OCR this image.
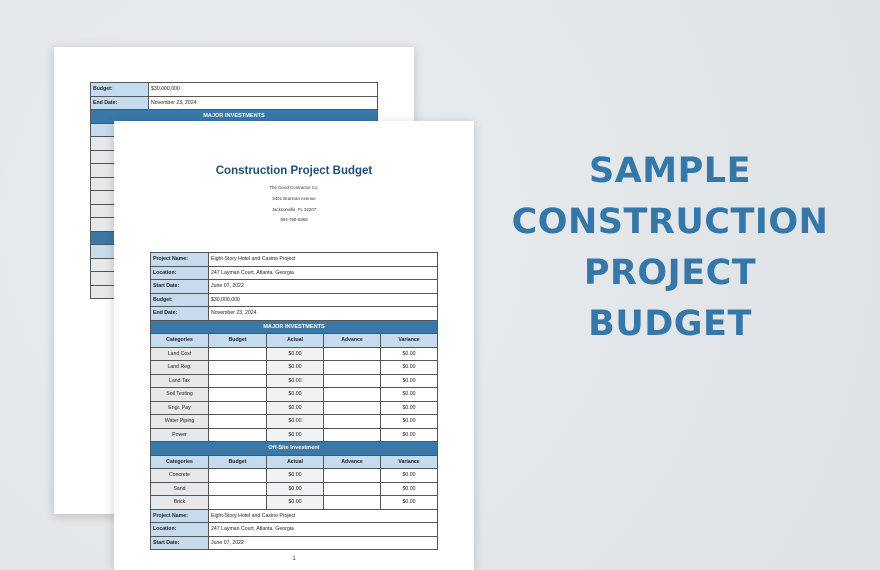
Budget:	$30,000,000			
End Date:	November 23, 2024			
MAJOR INVESTMENTS				

Construction Project Budget
The Good Contractor Co.
3401 Brannan Avenue
Jacksonville, FL 32207
904-768-6868
Project Name:	Eight-Story Hotel and Casino Project			
Location:	247 Layman Court, Atlanta, Georgia			
Start Date:	June 07, 2022			
Budget:	$30,000,000			
End Date:	November 23, 2024			
MAJOR INVESTMENTS				
Categories	Budget	Actual	Advance	Variance
Land Cost		$0.00		$0.00
Land Reg.		$0.00		$0.00
Land Tax		$0.00		$0.00
Soil Testing		$0.00		$0.00
Engr. Pay		$0.00		$0.00
Water Piping		$0.00		$0.00
Power		$0.00		$0.00
Off-Site Investment				
Categories	Budget	Actual	Advance	Variance
Concrete		$0.00		$0.00
Sand		$0.00		$0.00
Brick		$0.00		$0.00
Project Name:	Eight-Story Hotel and Casino Project			
Location:	247 Layman Court, Atlanta, Georgia			
Start Date:	June 07, 2022			
1
SAMPLE
CONSTRUCTION
PROJECT
BUDGET
